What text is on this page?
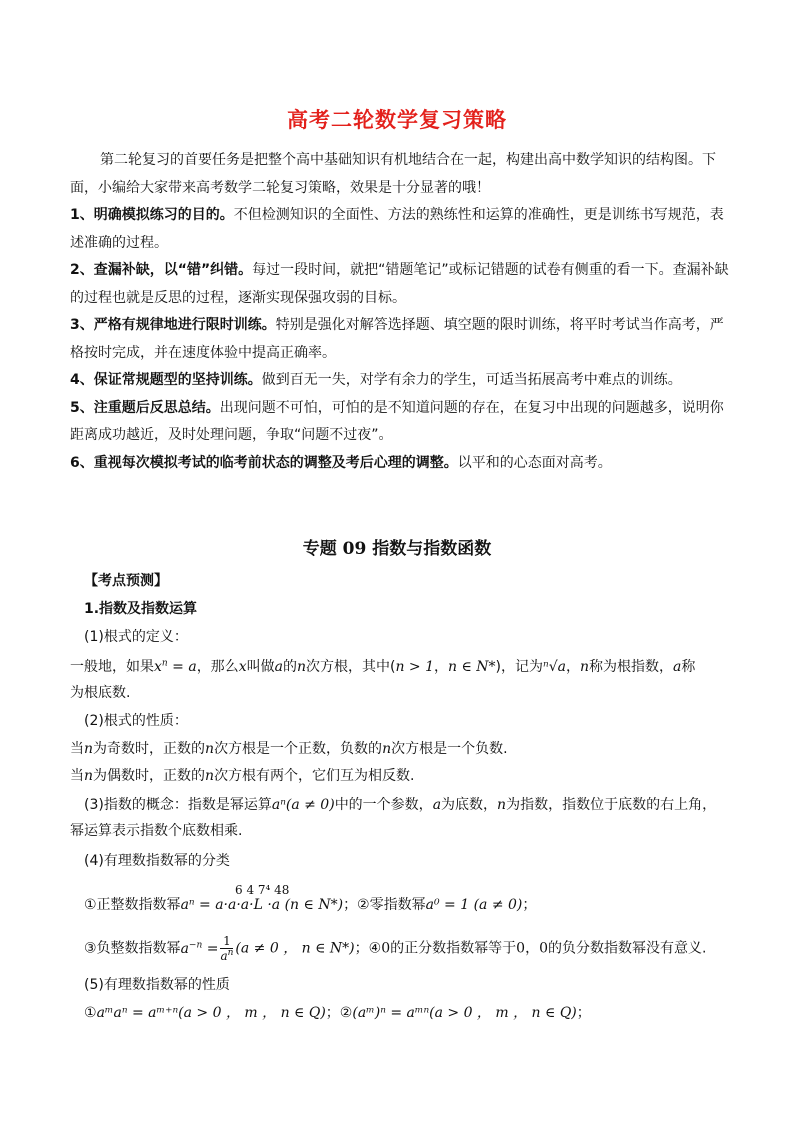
高考二轮数学复习策略

第二轮复习的首要任务是把整个高中基础知识有机地结合在一起，构建出高中数学知识的结构图。下面，小编给大家带来高考数学二轮复习策略，效果是十分显著的哦！

1、明确模拟练习的目的。不但检测知识的全面性、方法的熟练性和运算的准确性，更是训练书写规范，表述准确的过程。

2、查漏补缺，以“错”纠错。每过一段时间，就把“错题笔记”或标记错题的试卷有侧重的看一下。查漏补缺的过程也就是反思的过程，逐渐实现保强攻弱的目标。

3、严格有规律地进行限时训练。特别是强化对解答选择题、填空题的限时训练，将平时考试当作高考，严格按时完成，并在速度体验中提高正确率。

4、保证常规题型的坚持训练。做到百无一失，对学有余力的学生，可适当拓展高考中难点的训练。

5、注重题后反思总结。出现问题不可怕，可怕的是不知道问题的存在，在复习中出现的问题越多，说明你距离成功越近，及时处理问题，争取“问题不过夜”。

6、重视每次模拟考试的临考前状态的调整及考后心理的调整。以平和的心态面对高考。

专题 09 指数与指数函数
【考点预测】
1.指数及指数运算
(1)根式的定义：
一般地，如果$x^n = a$，那么x叫做a的n次方根，其中(n > 1，n ∈ N*)，记为ⁿ√a，n称为根指数，a称
为根底数.
(2)根式的性质：
当n为奇数时，正数的n次方根是一个正数，负数的n次方根是一个负数.
当n为偶数时，正数的n次方根有两个，它们互为相反数.
(3)指数的概念：指数是幂运算aⁿ(a ≠ 0)中的一个参数，a为底数，n为指数，指数位于底数的右上角，
幂运算表示指数个底数相乘.
(4)有理数指数幂的分类
6 4 7⁴ 48
①正整数指数幂aⁿ = a·a·a·L ·a (n ∈ N*)；②零指数幂a⁰ = 1 (a ≠ 0)；
③负整数指数幂$a^{-n} = \frac{1}{a^n} (a \ne 0$ ， n ∈ N*)；④0的正分数指数幂等于0，0的负分数指数幂没有意义.
(5)有理数指数幂的性质
①aᵐaⁿ = aᵐ⁺ⁿ(a > 0 ， m ， n ∈ Q)；②(aᵐ)ⁿ = aᵐⁿ(a > 0 ， m ， n ∈ Q)；
